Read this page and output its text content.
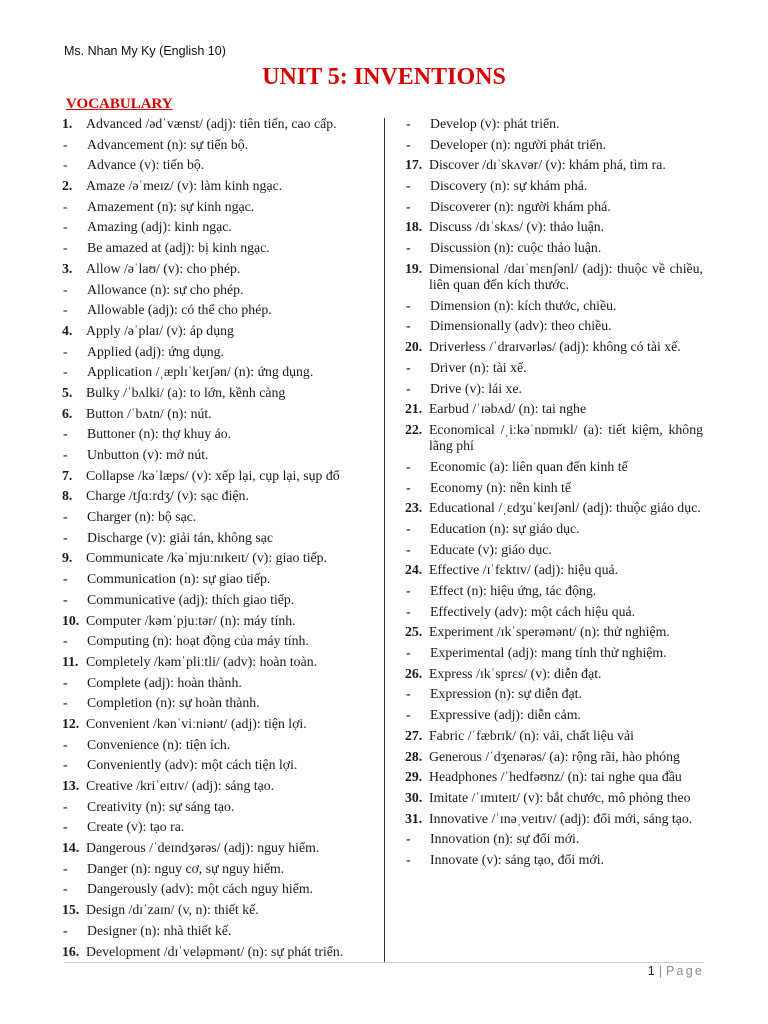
Ms. Nhan My Ky (English 10)
UNIT 5: INVENTIONS
VOCABULARY
1. Advanced /ədˈvænst/ (adj): tiên tiến, cao cấp.
-	Advancement (n): sự tiến bộ.
-	Advance (v): tiến bộ.
2. Amaze /əˈmeɪz/ (v): làm kinh ngạc.
-	Amazement (n): sự kinh ngạc.
-	Amazing (adj): kinh ngạc.
-	Be amazed at (adj): bị kinh ngạc.
3. Allow /əˈlaʊ/ (v): cho phép.
-	Allowance (n): sự cho phép.
-	Allowable (adj): có thể cho phép.
4. Apply /əˈplaɪ/ (v): áp dụng
-	Applied (adj): ứng dụng.
-	Application /ˌæplɪˈkeɪʃən/ (n): ứng dụng.
5. Bulky /ˈbʌlki/ (a): to lớn, kềnh càng
6. Button /ˈbʌtn/ (n): nút.
-	Buttoner (n): thợ khuy áo.
-	Unbutton (v): mở nút.
7. Collapse /kəˈlæps/ (v): xếp lại, cụp lại, sụp đổ
8. Charge /tʃɑːrdʒ/ (v): sạc điện.
-	Charger (n): bộ sạc.
-	Discharge (v): giải tán, không sạc
9. Communicate /kəˈmjuːnɪkeɪt/ (v): giao tiếp.
-	Communication (n): sự giao tiếp.
-	Communicative (adj): thích giao tiếp.
10. Computer /kəmˈpjuːtər/ (n): máy tính.
-	Computing (n): hoạt động của máy tính.
11. Completely /kəmˈpliːtli/ (adv): hoàn toàn.
-	Complete (adj): hoàn thành.
-	Completion (n): sự hoàn thành.
12. Convenient /kənˈviːniənt/ (adj): tiện lợi.
-	Convenience (n): tiện ích.
-	Conveniently (adv): một cách tiện lợi.
13. Creative /kriˈeɪtɪv/ (adj): sáng tạo.
-	Creativity (n): sự sáng tạo.
-	Create (v): tạo ra.
14. Dangerous /ˈdeɪndʒərəs/ (adj): nguy hiểm.
-	Danger (n): nguy cơ, sự nguy hiểm.
-	Dangerously (adv): một cách nguy hiểm.
15. Design /dɪˈzaɪn/ (v, n): thiết kế.
-	Designer (n): nhà thiết kế.
16. Development /dɪˈveləpmənt/ (n): sự phát triển.
-	Develop (v): phát triển.
-	Developer (n): người phát triển.
17. Discover /dɪˈskʌvər/ (v): khám phá, tìm ra.
-	Discovery (n): sự khám phá.
-	Discoverer (n): người khám phá.
18. Discuss /dɪˈskʌs/ (v): thảo luận.
-	Discussion (n): cuộc thảo luận.
19. Dimensional /daɪˈmɛnʃənl/ (adj): thuộc về chiều, liên quan đến kích thước.
-	Dimension (n): kích thước, chiều.
-	Dimensionally (adv): theo chiều.
20. Driverless /ˈdraɪvərləs/ (adj): không có tài xế.
-	Driver (n): tài xế.
-	Drive (v): lái xe.
21. Earbud /ˈɪəbʌd/ (n): tai nghe
22. Economical /ˌiːkəˈnɒmɪkl/ (a): tiết kiệm, không lãng phí
-	Economic (a): liên quan đến kinh tế
-	Economy (n): nền kinh tế
23. Educational /ˌɛdʒuˈkeɪʃənl/ (adj): thuộc giáo dục.
-	Education (n): sự giáo dục.
-	Educate (v): giáo dục.
24. Effective /ɪˈfɛktɪv/ (adj): hiệu quả.
-	Effect (n): hiệu ứng, tác động.
-	Effectively (adv): một cách hiệu quả.
25. Experiment /ɪkˈsperəmənt/ (n): thử nghiệm.
-	Experimental (adj): mang tính thử nghiệm.
26. Express /ɪkˈsprɛs/ (v): diễn đạt.
-	Expression (n): sự diễn đạt.
-	Expressive (adj): diễn cảm.
27. Fabric /ˈfæbrɪk/ (n): vải, chất liệu vải
28. Generous /ˈdʒenərəs/ (a): rộng rãi, hào phóng
29. Headphones /ˈhedfəʊnz/ (n): tai nghe qua đầu
30. Imitate /ˈɪmɪteɪt/ (v): bắt chước, mô phỏng theo
31. Innovative /ˈɪnəˌveɪtɪv/ (adj): đổi mới, sáng tạo.
-	Innovation (n): sự đổi mới.
-	Innovate (v): sáng tạo, đổi mới.
1 | Page
